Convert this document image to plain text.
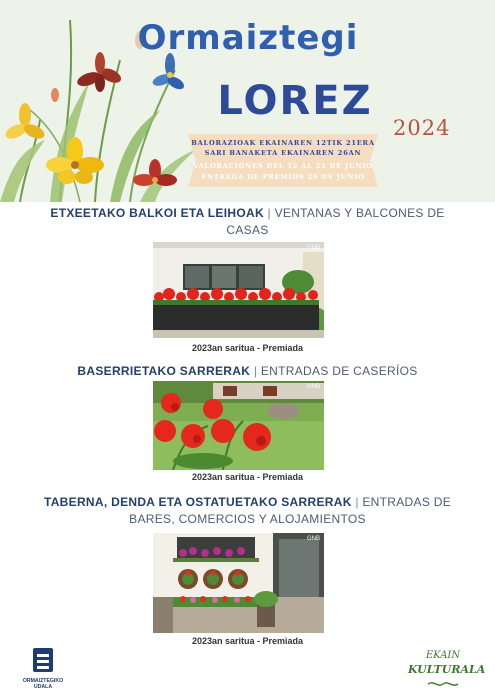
Ormaiztegi
LOREZ
2024
BALORAZIOAK EKAINAREN 12TIK 21ERA
SARI BANAKETA EKAINAREN 26AN
VALORACIONES DEL 12 AL 21 DE JUNIO
ENTREGA DE PREMIOS 26 DE JUNIO
ETXEETAKO BALKOI ETA LEIHOAK | VENTANAS Y BALCONES DE CASAS
GNB
2023an saritua - Premiada
BASERRIETAKO SARRERAK | ENTRADAS DE CASERÍOS
GNB
2023an saritua - Premiada
TABERNA, DENDA ETA OSTATUETAKO SARRERAK | ENTRADAS DE BARES, COMERCIOS Y ALOJAMIENTOS
GNB
2023an saritua - Premiada
ORMAIZTEGIKO
UDALA
EKAIN
KULTURALA
